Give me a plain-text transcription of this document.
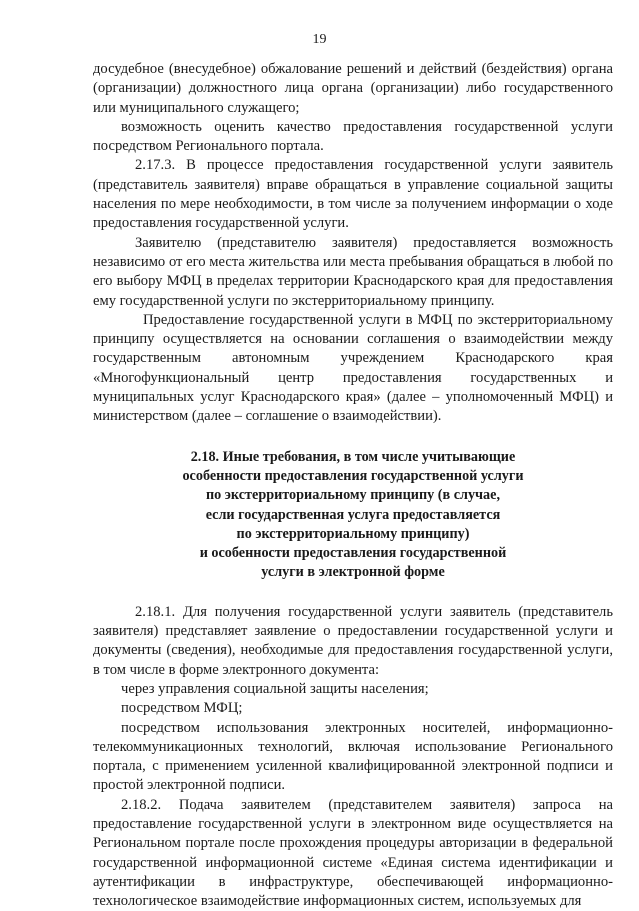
19

досудебное (внесудебное) обжалование решений и действий (бездействия) органа (организации) должностного лица органа (организации) либо государственного или муниципального служащего;

возможность оценить качество предоставления государственной услуги посредством Регионального портала.

2.17.3. В процессе предоставления государственной услуги заявитель (представитель заявителя) вправе обращаться в управление социальной защиты населения по мере необходимости, в том числе за получением информации о ходе предоставления государственной услуги.

Заявителю (представителю заявителя) предоставляется возможность независимо от его места жительства или места пребывания обращаться в любой по его выбору МФЦ в пределах территории Краснодарского края для предоставления ему государственной услуги по экстерриториальному принципу.

Предоставление государственной услуги в МФЦ по экстерриториальному принципу осуществляется на основании соглашения о взаимодействии между государственным автономным учреждением Краснодарского края «Многофункциональный центр предоставления государственных и муниципальных услуг Краснодарского края» (далее – уполномоченный МФЦ) и министерством (далее – соглашение о взаимодействии).

2.18. Иные требования, в том числе учитывающие
особенности предоставления государственной услуги
по экстерриториальному принципу (в случае,
если государственная услуга предоставляется
по экстерриториальному принципу)
и особенности предоставления государственной
услуги в электронной форме

2.18.1. Для получения государственной услуги заявитель (представитель заявителя) представляет заявление о предоставлении государственной услуги и документы (сведения), необходимые для предоставления государственной услуги, в том числе в форме электронного документа:

через управления социальной защиты населения;

посредством МФЦ;

посредством использования электронных носителей, информационно-телекоммуникационных технологий, включая использование Регионального портала, с применением усиленной квалифицированной электронной подписи и простой электронной подписи.

2.18.2. Подача заявителем (представителем заявителя) запроса на предоставление государственной услуги в электронном виде осуществляется на Региональном портале после прохождения процедуры авторизации в федеральной государственной информационной системе «Единая система идентификации и аутентификации в инфраструктуре, обеспечивающей информационно-технологическое взаимодействие информационных систем, используемых для
